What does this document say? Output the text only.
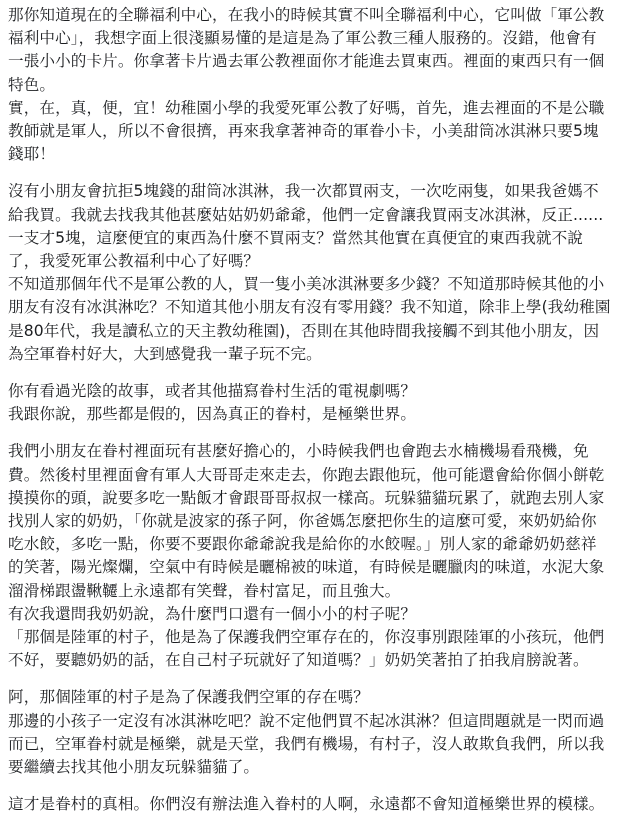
那你知道現在的全聯福利中心，在我小的時候其實不叫全聯福利中心，它叫做「軍公教福利中心」，我想字面上很淺顯易懂的是這是為了軍公教三種人服務的。沒錯，他會有一張小小的卡片。你拿著卡片過去軍公教裡面你才能進去買東西。裡面的東西只有一個特色。
實，在，真，便，宜！幼稚園小學的我愛死軍公教了好嗎，首先，進去裡面的不是公職教師就是軍人，所以不會很擠，再來我拿著神奇的軍眷小卡，小美甜筒冰淇淋只要5塊錢耶！

沒有小朋友會抗拒5塊錢的甜筒冰淇淋，我一次都買兩支，一次吃兩隻，如果我爸媽不給我買。我就去找我其他甚麼姑姑奶奶爺爺，他們一定會讓我買兩支冰淇淋，反正......一支才5塊，這麼便宜的東西為什麼不買兩支？當然其他實在真便宜的東西我就不說了，我愛死軍公教福利中心了好嗎？
不知道那個年代不是軍公教的人，買一隻小美冰淇淋要多少錢？不知道那時候其他的小朋友有沒有冰淇淋吃？不知道其他小朋友有沒有零用錢？我不知道，除非上學(我幼稚園是80年代，我是讀私立的天主教幼稚園)，否則在其他時間我接觸不到其他小朋友，因為空軍眷村好大，大到感覺我一輩子玩不完。

你有看過光陰的故事，或者其他描寫眷村生活的電視劇嗎？
我跟你說，那些都是假的，因為真正的眷村，是極樂世界。

我們小朋友在眷村裡面玩有甚麼好擔心的，小時候我們也會跑去水楠機場看飛機，免費。然後村里裡面會有軍人大哥哥走來走去，你跑去跟他玩，他可能還會給你個小餅乾摸摸你的頭，說要多吃一點飯才會跟哥哥叔叔一樣高。玩躲貓貓玩累了，就跑去別人家找別人家的奶奶，「你就是波家的孫子阿，你爸媽怎麼把你生的這麼可愛，來奶奶給你吃水餃，多吃一點，你要不要跟你爺爺說我是給你的水餃喔。」別人家的爺爺奶奶慈祥的笑著，陽光燦爛，空氣中有時候是曬棉被的味道，有時候是曬臘肉的味道，水泥大象溜滑梯跟盪鞦韆上永遠都有笑聲，眷村富足，而且強大。
有次我還問我奶奶說，為什麼門口還有一個小小的村子呢？
「那個是陸軍的村子，他是為了保護我們空軍存在的，你沒事別跟陸軍的小孩玩，他們不好，要聽奶奶的話，在自己村子玩就好了知道嗎？」奶奶笑著拍了拍我肩膀說著。

阿，那個陸軍的村子是為了保護我們空軍的存在嗎？
那邊的小孩子一定沒有冰淇淋吃吧？說不定他們買不起冰淇淋？但這問題就是一閃而過而已，空軍眷村就是極樂，就是天堂，我們有機場，有村子，沒人敢欺負我們，所以我要繼續去找其他小朋友玩躲貓貓了。

這才是眷村的真相。你們沒有辦法進入眷村的人啊，永遠都不會知道極樂世界的模樣。
